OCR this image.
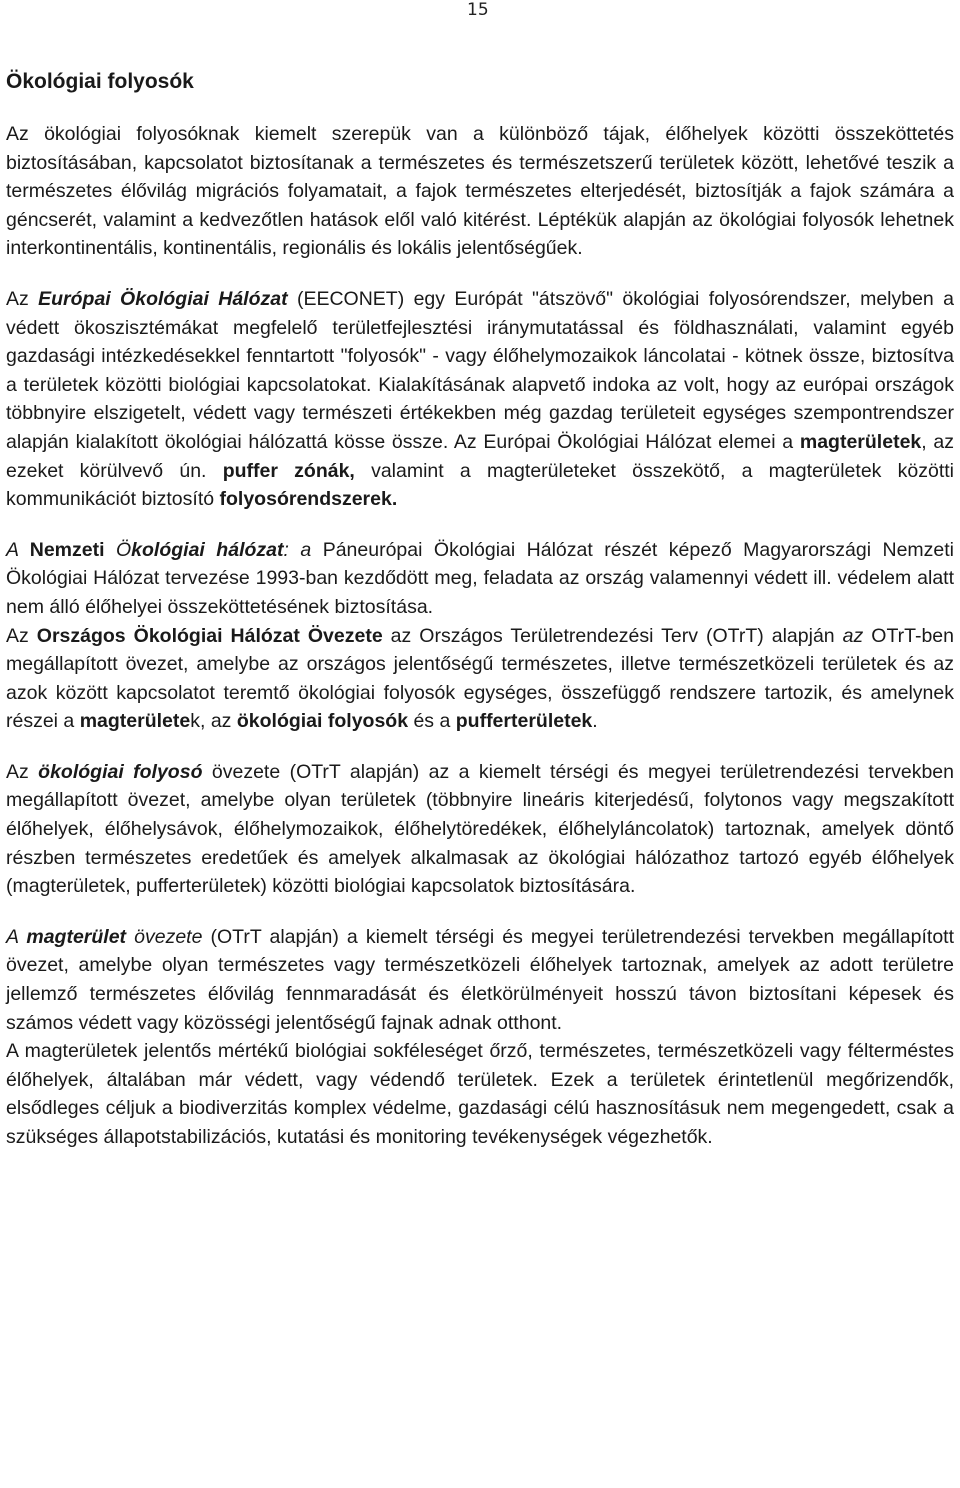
15
Ökológiai folyosók

Az ökológiai folyosóknak kiemelt szerepük van a különböző tájak, élőhelyek közötti összeköttetés biztosításában, kapcsolatot biztosítanak a természetes és természetszerű területek között, lehetővé teszik a természetes élővilág migrációs folyamatait, a fajok természetes elterjedését, biztosítják a fajok számára a géncserét, valamint a kedvezőtlen hatások elől való kitérést. Léptékük alapján az ökológiai folyosók lehetnek interkontinentális, kontinentális, regionális és lokális jelentőségűek.

Az Európai Ökológiai Hálózat (EECONET) egy Európát "átszövő" ökológiai folyosórendszer, melyben a védett ökoszisztémákat megfelelő területfejlesztési iránymutatással és földhasználati, valamint egyéb gazdasági intézkedésekkel fenntartott "folyosók" - vagy élőhelymozaikok láncolatai - kötnek össze, biztosítva a területek közötti biológiai kapcsolatokat. Kialakításának alapvető indoka az volt, hogy az európai országok többnyire elszigetelt, védett vagy természeti értékekben még gazdag területeit egységes szempontrendszer alapján kialakított ökológiai hálózattá kösse össze. Az Európai Ökológiai Hálózat elemei a magterületek, az ezeket körülvevő ún. puffer zónák, valamint a magterületeket összekötő, a magterületek közötti kommunikációt biztosító folyosórendszerek.

A Nemzeti Ökológiai hálózat: a Páneurópai Ökológiai Hálózat részét képező Magyarországi Nemzeti Ökológiai Hálózat tervezése 1993-ban kezdődött meg, feladata az ország valamennyi védett ill. védelem alatt nem álló élőhelyei összeköttetésének biztosítása.

Az Országos Ökológiai Hálózat Övezete az Országos Területrendezési Terv (OTrT) alapján az OTrT-ben megállapított övezet, amelybe az országos jelentőségű természetes, illetve természetközeli területek és az azok között kapcsolatot teremtő ökológiai folyosók egységes, összefüggő rendszere tartozik, és amelynek részei a magterületek, az ökológiai folyosók és a pufferterületek.

Az ökológiai folyosó övezete (OTrT alapján) az a kiemelt térségi és megyei területrendezési tervekben megállapított övezet, amelybe olyan területek (többnyire lineáris kiterjedésű, folytonos vagy megszakított élőhelyek, élőhelysávok, élőhelymozaikok, élőhelytöredékek, élőhelyláncolatok) tartoznak, amelyek döntő részben természetes eredetűek és amelyek alkalmasak az ökológiai hálózathoz tartozó egyéb élőhelyek (magterületek, pufferterületek) közötti biológiai kapcsolatok biztosítására.

A magterület övezete (OTrT alapján) a kiemelt térségi és megyei területrendezési tervekben megállapított övezet, amelybe olyan természetes vagy természetközeli élőhelyek tartoznak, amelyek az adott területre jellemző természetes élővilág fennmaradását és életkörülményeit hosszú távon biztosítani képesek és számos védett vagy közösségi jelentőségű fajnak adnak otthont.

A magterületek jelentős mértékű biológiai sokféleséget őrző, természetes, természetközeli vagy félterméstes élőhelyek, általában már védett, vagy védendő területek. Ezek a területek érintetlenül megőrizendők, elsődleges céljuk a biodiverzitás komplex védelme, gazdasági célú hasznosításuk nem megengedett, csak a szükséges állapotstabilizációs, kutatási és monitoring tevékenységek végezhetők.
